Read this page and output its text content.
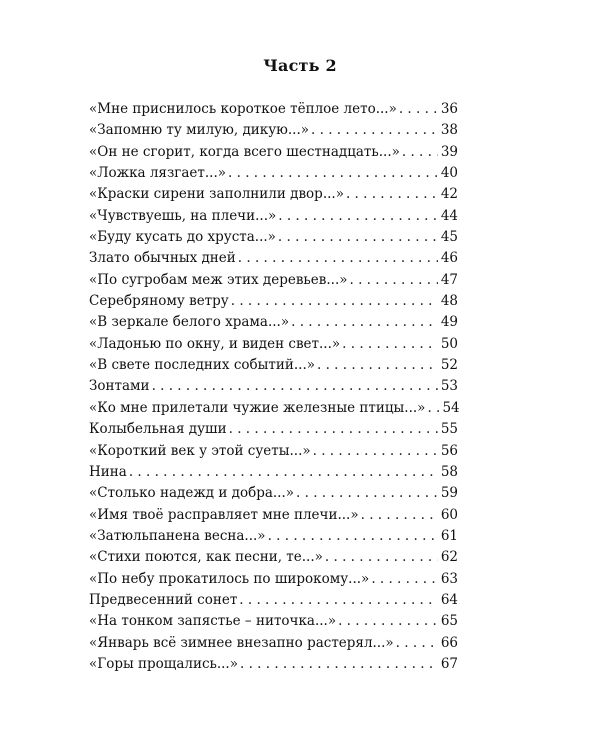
Часть 2
«Мне приснилось короткое тёплое лето...» . . .	36
«Запомню ту милую, дикую...» . . .	38
«Он не сгорит, когда всего шестнадцать...» . . .	39
«Ложка лязгает...» . . .	40
«Краски сирени заполнили двор...» . . .	42
«Чувствуешь, на плечи...» . . .	44
«Буду кусать до хруста...» . . .	45
Злато обычных дней . . .	46
«По сугробам меж этих деревьев...» . . .	47
Серебряному ветру . . .	48
«В зеркале белого храма...» . . .	49
«Ладонью по окну, и виден свет...» . . .	50
«В свете последних событий...» . . .	52
Зонтами . . .	53
«Ко мне прилетали чужие железные птицы...» . . . 54
Колыбельная души . . .	55
«Короткий век у этой суеты...» . . .	56
Нина . . .	58
«Столько надежд и добра...» . . .	59
«Имя твоё расправляет мне плечи...» . . .	60
«Затюльпанена весна...» . . .	61
«Стихи поются, как песни, те...» . . .	62
«По небу прокатилось по широкому...» . . .	63
Предвесенний сонет . . .	64
«На тонком запястье – ниточка...» . . .	65
«Январь всё зимнее внезапно растерял...» . . .	66
«Горы прощались...» . . .	67
